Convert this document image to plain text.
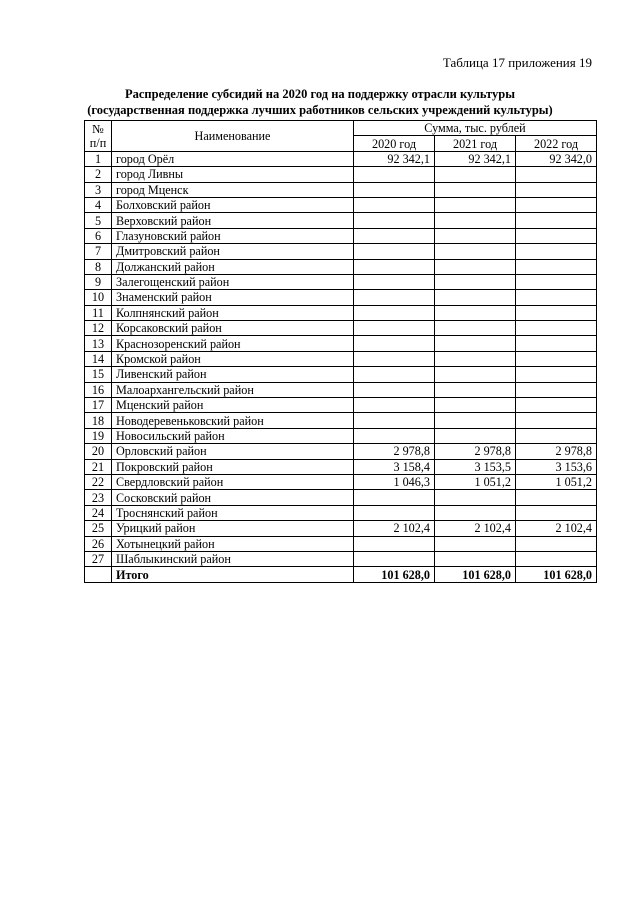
Таблица 17 приложения 19
Распределение субсидий на 2020 год на поддержку отрасли культуры
(государственная поддержка лучших работников сельских учреждений культуры)
№
п/п	Наименование	Сумма, тыс. рублей		
		2020 год	2021 год	2022 год
1	город Орёл	92 342,1	92 342,1	92 342,0
2	город Ливны			
3	город Мценск			
4	Болховский район			
5	Верховский район			
6	Глазуновский район			
7	Дмитровский район			
8	Должанский район			
9	Залегощенский район			
10	Знаменский район			
11	Колпнянский район			
12	Корсаковский район			
13	Краснозоренский район			
14	Кромской район			
15	Ливенский район			
16	Малоархангельский район			
17	Мценский район			
18	Новодеревеньковский район			
19	Новосильский район			
20	Орловский район	2 978,8	2 978,8	2 978,8
21	Покровский район	3 158,4	3 153,5	3 153,6
22	Свердловский район	1 046,3	1 051,2	1 051,2
23	Сосковский район			
24	Троснянский район			
25	Урицкий район	2 102,4	2 102,4	2 102,4
26	Хотынецкий район			
27	Шаблыкинский район			
	Итого	101 628,0	101 628,0	101 628,0
